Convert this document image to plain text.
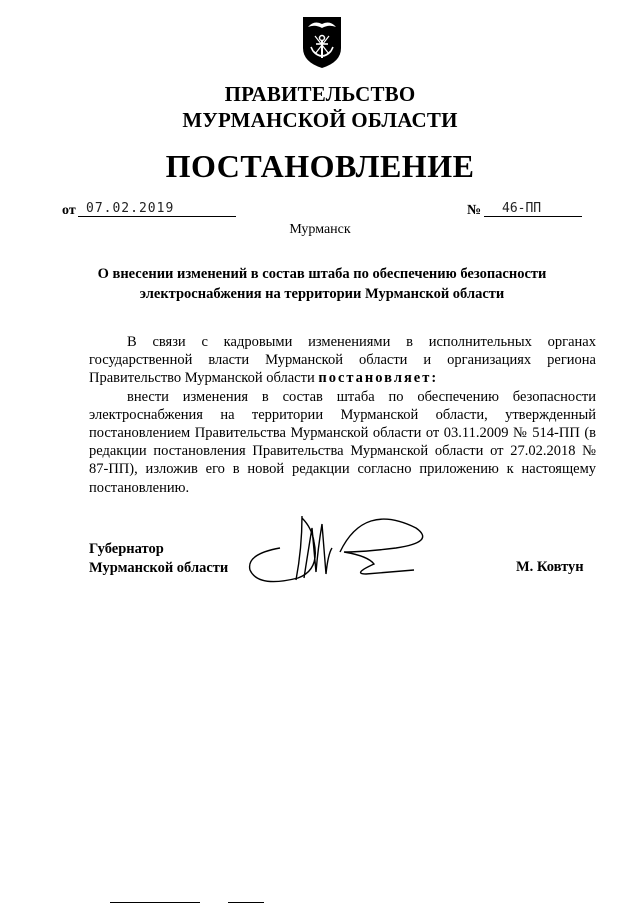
ПРАВИТЕЛЬСТВО
МУРМАНСКОЙ ОБЛАСТИ
ПОСТАНОВЛЕНИЕ
от 07.02.2019	№	46-ПП
Мурманск
О внесении изменений в состав штаба по обеспечению безопасности
электроснабжения на территории Мурманской области

В связи с кадровыми изменениями в исполнительных органах государственной власти Мурманской области и организациях региона Правительство Мурманской области постановляет:

внести изменения в состав штаба по обеспечению безопасности электроснабжения на территории Мурманской области, утвержденный постановлением Правительства Мурманской области от 03.11.2009 № 514-ПП (в редакции постановления Правительства Мурманской области от 27.02.2018 № 87-ПП), изложив его в новой редакции согласно приложению к настоящему постановлению.

Губернатор
Мурманской области	М. Ковтун
